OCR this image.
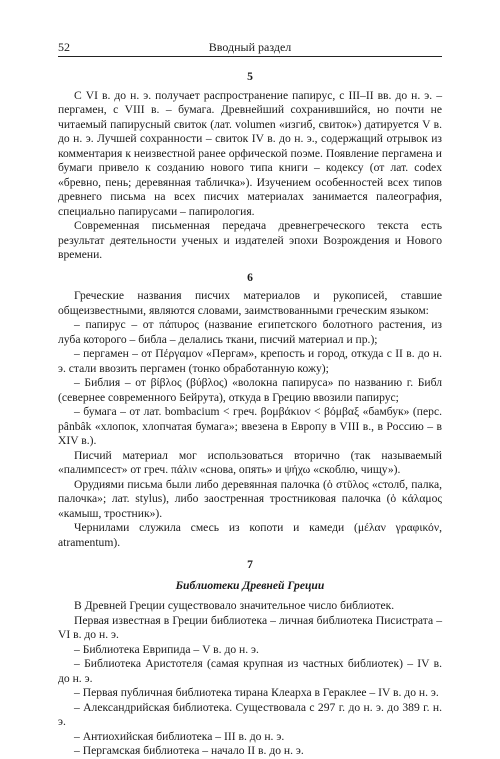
52	Вводный раздел
5

С VI в. до н. э. получает распространение папирус, с III–II вв. до н. э. – пергамен, с VIII в. – бумага. Древнейший сохранившийся, но почти не читаемый папирусный свиток (лат. volumen «изгиб, свиток») датируется V в. до н. э. Лучшей сохранности – свиток IV в. до н. э., содержащий отрывок из комментария к неизвестной ранее орфической поэме. Появление пергамена и бумаги привело к созданию нового типа книги – кодексу (от лат. codex «бревно, пень; деревянная табличка»). Изучением особенностей всех типов древнего письма на всех писчих материалах занимается палеография, специально папирусами – папирология.

Современная письменная передача древнегреческого текста есть результат деятельности ученых и издателей эпохи Возрождения и Нового времени.

6

Греческие названия писчих материалов и рукописей, ставшие общеизвестными, являются словами, заимствованными греческим языком:

– папирус – от πάπυρος (название египетского болотного растения, из луба которого – библа – делались ткани, писчий материал и пр.);

– пергамен – от Πέργαμον «Пергам», крепость и город, откуда с II в. до н. э. стали ввозить пергамен (тонко обработанную кожу);

– Библия – от βίβλος (βύβλος) «волокна папируса» по названию г. Библ (севернее современного Бейрута), откуда в Грецию ввозили папирус;

– бумага – от лат. bombacium < греч. βομβάκιον < βόμβαξ «бамбук» (перс. pânbâk «хлопок, хлопчатая бумага»; ввезена в Европу в VIII в., в Россию – в XIV в.).

Писчий материал мог использоваться вторично (так называемый «палимпсест» от греч. πάλιν «снова, опять» и ψήχω «скоблю, чищу»).

Орудиями письма были либо деревянная палочка (ὁ στῦλος «столб, палка, палочка»; лат. stylus), либо заостренная тростниковая палочка (ὁ κάλαμος «камыш, тростник»).

Чернилами служила смесь из копоти и камеди (μέλαν γραφικόν, atramentum).

7
Библиотеки Древней Греции

В Древней Греции существовало значительное число библиотек.

Первая известная в Греции библиотека – личная библиотека Писистрата – VI в. до н. э.

– Библиотека Еврипида – V в. до н. э.

– Библиотека Аристотеля (самая крупная из частных библиотек) – IV в. до н. э.

– Первая публичная библиотека тирана Клеарха в Гераклее – IV в. до н. э.

– Александрийская библиотека. Существовала с 297 г. до н. э. до 389 г. н. э.

– Антиохийская библиотека – III в. до н. э.

– Пергамская библиотека – начало II в. до н. э.
